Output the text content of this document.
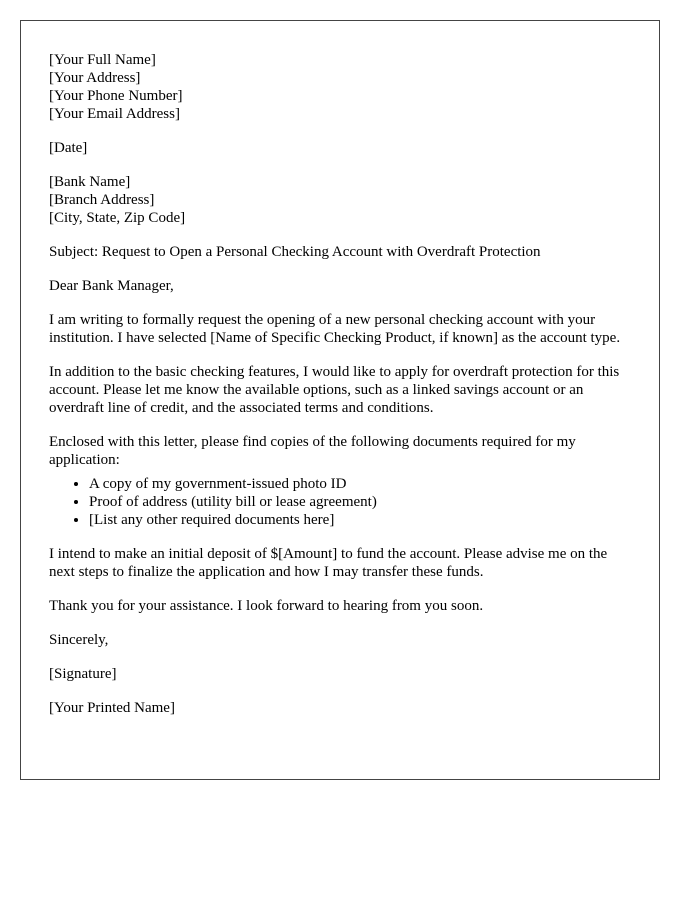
[Your Full Name]
[Your Address]
[Your Phone Number]
[Your Email Address]

[Date]

[Bank Name]
[Branch Address]
[City, State, Zip Code]

Subject: Request to Open a Personal Checking Account with Overdraft Protection

Dear Bank Manager,

I am writing to formally request the opening of a new personal checking account with your institution. I have selected [Name of Specific Checking Product, if known] as the account type.

In addition to the basic checking features, I would like to apply for overdraft protection for this account. Please let me know the available options, such as a linked savings account or an overdraft line of credit, and the associated terms and conditions.

Enclosed with this letter, please find copies of the following documents required for my application:

• A copy of my government-issued photo ID
• Proof of address (utility bill or lease agreement)
• [List any other required documents here]

I intend to make an initial deposit of $[Amount] to fund the account. Please advise me on the next steps to finalize the application and how I may transfer these funds.

Thank you for your assistance. I look forward to hearing from you soon.

Sincerely,

[Signature]

[Your Printed Name]
